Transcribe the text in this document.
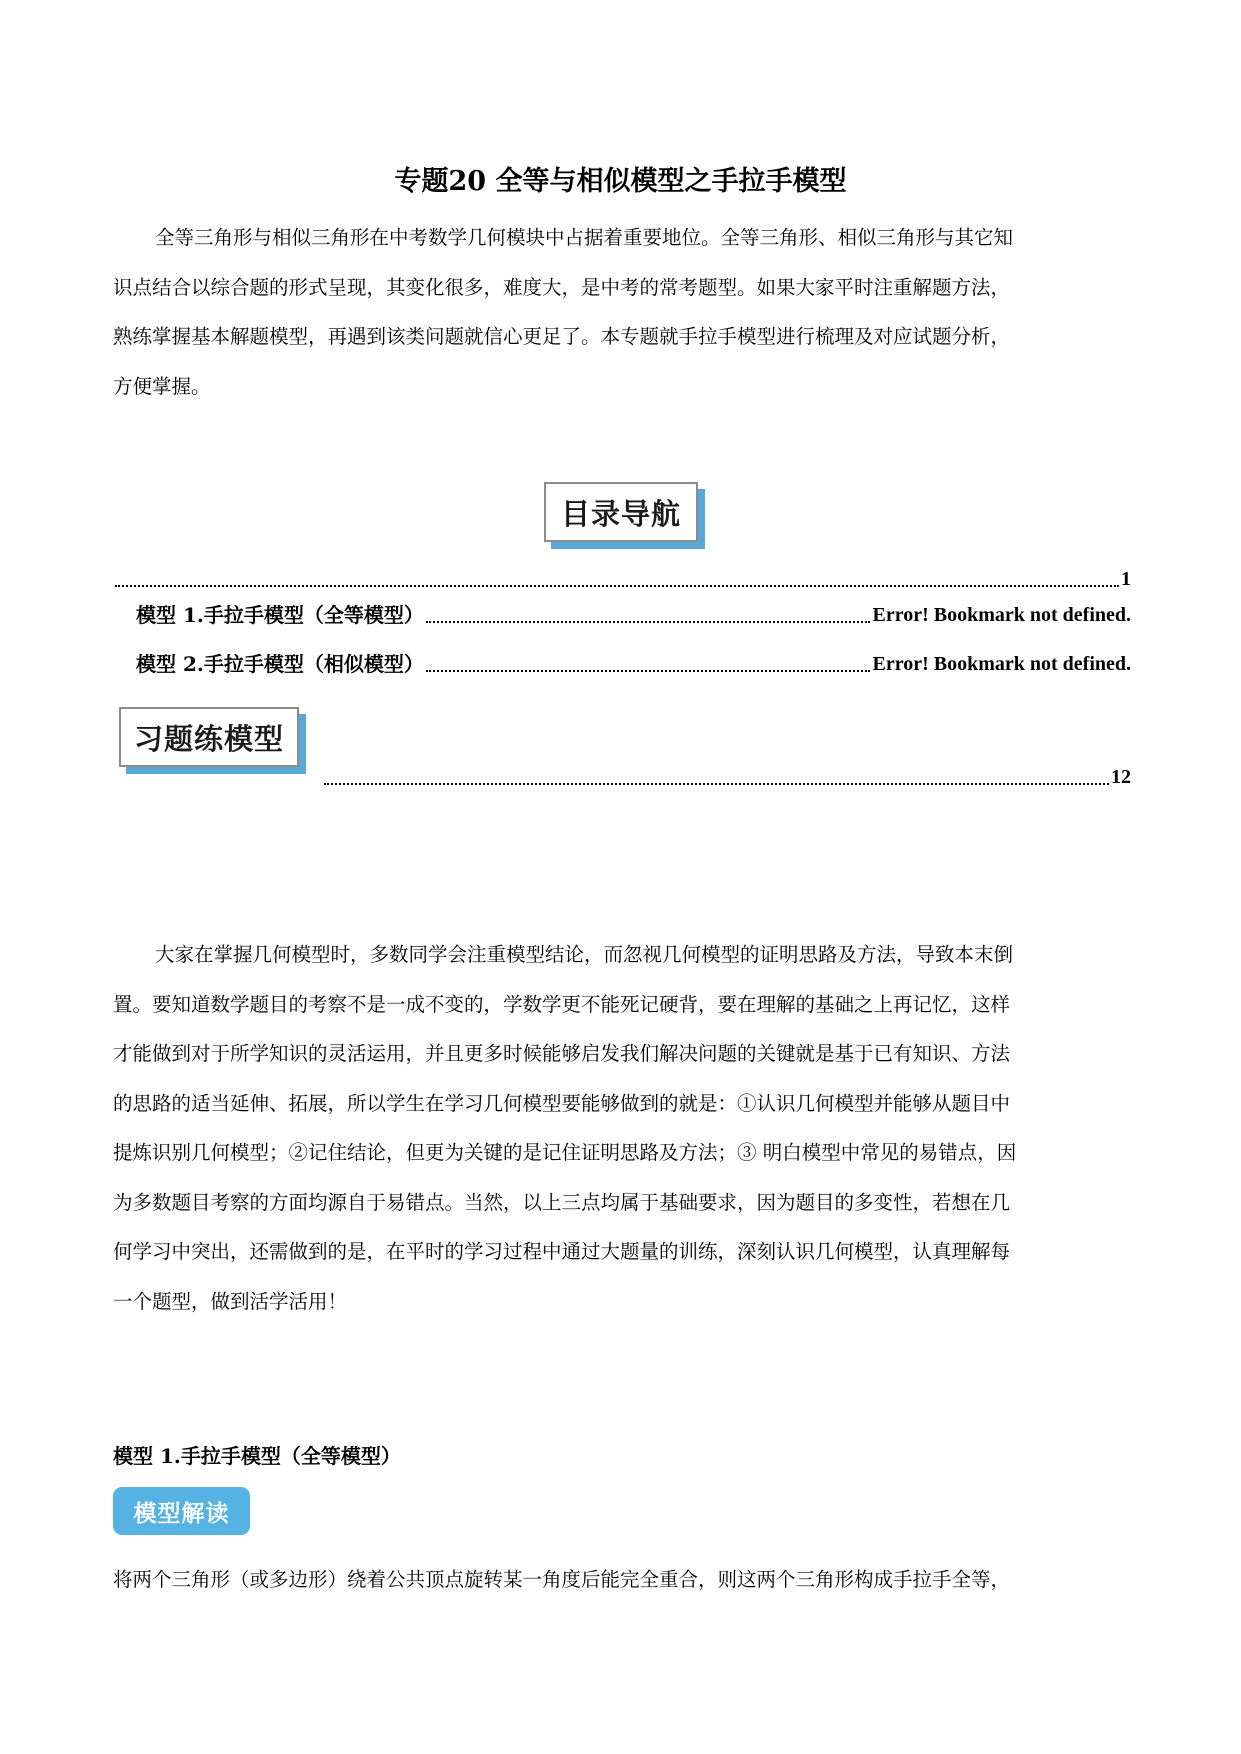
专题20 全等与相似模型之手拉手模型
全等三角形与相似三角形在中考数学几何模块中占据着重要地位。全等三角形、相似三角形与其它知
识点结合以综合题的形式呈现，其变化很多，难度大，是中考的常考题型。如果大家平时注重解题方法，
熟练掌握基本解题模型，再遇到该类问题就信心更足了。本专题就手拉手模型进行梳理及对应试题分析，
方便掌握。
目录导航
1
模型 1.手拉手模型（全等模型）	Error! Bookmark not defined.
模型 2.手拉手模型（相似模型）	Error! Bookmark not defined.
习题练模型
12
大家在掌握几何模型时，多数同学会注重模型结论，而忽视几何模型的证明思路及方法，导致本末倒
置。要知道数学题目的考察不是一成不变的，学数学更不能死记硬背，要在理解的基础之上再记忆，这样
才能做到对于所学知识的灵活运用，并且更多时候能够启发我们解决问题的关键就是基于已有知识、方法
的思路的适当延伸、拓展，所以学生在学习几何模型要能够做到的就是：①认识几何模型并能够从题目中
提炼识别几何模型；②记住结论，但更为关键的是记住证明思路及方法；③ 明白模型中常见的易错点，因
为多数题目考察的方面均源自于易错点。当然，以上三点均属于基础要求，因为题目的多变性，若想在几
何学习中突出，还需做到的是，在平时的学习过程中通过大题量的训练，深刻认识几何模型，认真理解每
一个题型，做到活学活用！
模型 1.手拉手模型（全等模型）
模型解读
将两个三角形（或多边形）绕着公共顶点旋转某一角度后能完全重合，则这两个三角形构成手拉手全等，
